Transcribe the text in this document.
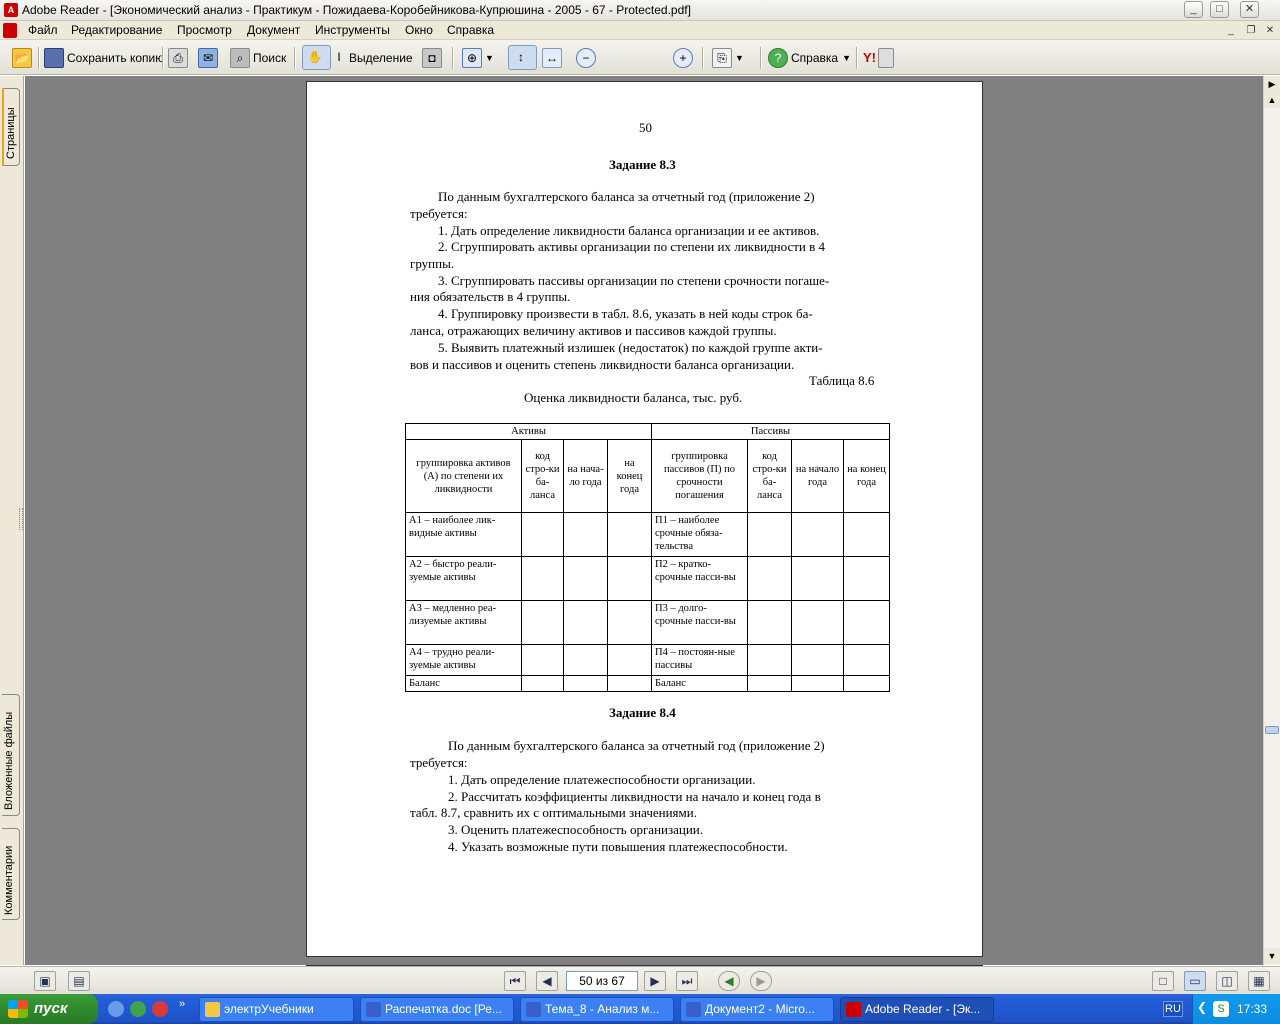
A Adobe Reader - [Экономический анализ - Практикум - Пожидаева-Коробейникова-Купрюшина - 2005 - 67 - Protected.pdf]	_	□	✕
Файл Редактирование Просмотр Документ Инструменты Окно Справка	_	❐ ✕
📂	Сохранить копию ⎙	✉	⌕ Поиск ✋	I Выделение	◘	⊕ ▼	↕	↔	−	+	⎘ ▼	? Справка ▼ Y!
Страницы
Вложенные файлы
Комментарии
50
Задание 8.3
По данным бухгалтерского баланса за отчетный год (приложение 2)
требуется:
1. Дать определение ликвидности баланса организации и ее активов.
2. Сгруппировать активы организации по степени их ликвидности в 4
группы.
3. Сгруппировать пассивы организации по степени срочности погаше-
ния обязательств в 4 группы.
4. Группировку произвести в табл. 8.6, указать в ней коды строк ба-
ланса, отражающих величину активов и пассивов каждой группы.
5. Выявить платежный излишек (недостаток) по каждой группе акти-
вов и пассивов и оценить степень ликвидности баланса организации.
Таблица 8.6
Оценка ликвидности баланса, тыс. руб.
Активы				Пассивы			
группировка активов (А) по степени их ликвидности	код стро-ки ба-ланса	на нача-ло года	на конец года	группировка пассивов (П) по срочности погашения	код стро-ки ба-ланса	на начало года	на конец года
А1 – наиболее лик-видные активы				П1 – наиболее срочные обяза-тельства			
А2 – быстро реали-зуемые активы				П2 – кратко-срочные пасси-вы			
А3 – медленно реа-лизуемые активы				П3 – долго-срочные пасси-вы			
А4 – трудно реали-зуемые активы				П4 – постоян-ные пассивы			
Баланс				Баланс			
Задание 8.4
По данным бухгалтерского баланса за отчетный год (приложение 2)
требуется:
1. Дать определение платежеспособности организации.
2. Рассчитать коэффициенты ликвидности на начало и конец года в
табл. 8.7, сравнить их с оптимальными значениями.
3. Оценить платежеспособность организации.
4. Указать возможные пути повышения платежеспособности.
▶
▲
▼
▣	▤	⏮	◀	50 из 67	▶	⏭	◀	▶	□	▭	◫	▦
пуск	»	электрУчебники	Распечатка.doc [Ре...	Тема_8 - Анализ м...	Документ2 - Micro...	Adobe Reader - [Эк...	RU ❮ S	17:33
